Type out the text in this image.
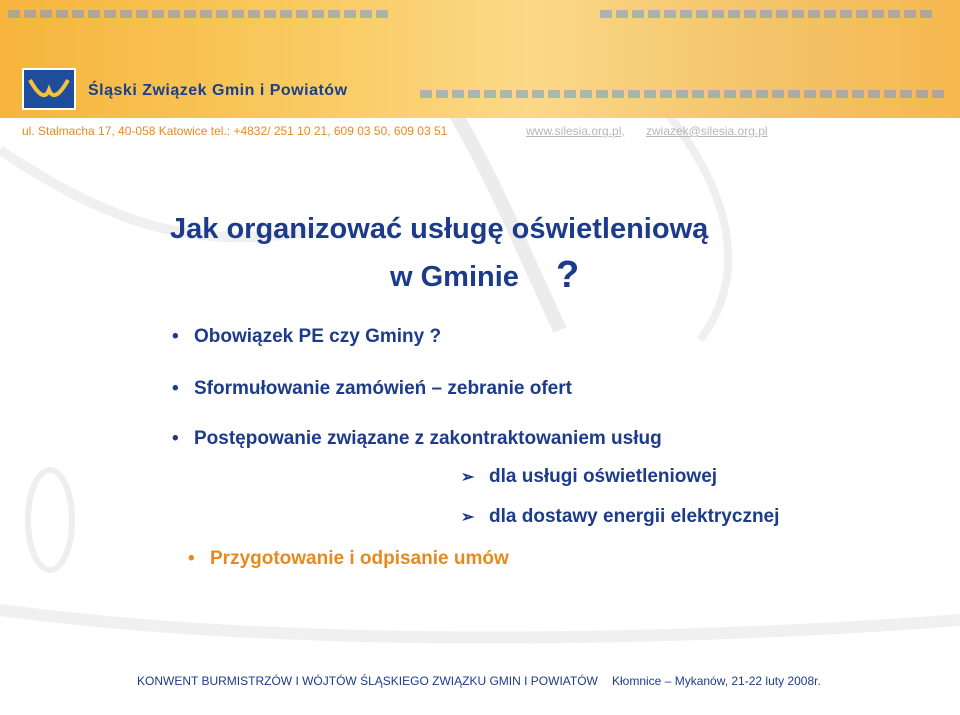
Śląski Związek Gmin i Powiatów
ul. Stalmacha 17, 40-058 Katowice tel.: +4832/ 251 10 21, 609 03 50, 609 03 51	www.silesia.org.pl, zwiazek@silesia.org.pl
Jak organizować usługę oświetleniową
w Gminie ?
• Obowiązek PE czy Gminy ?
• Sformułowanie zamówień – zebranie ofert
• Postępowanie związane z zakontraktowaniem usług
➢ dla usługi oświetleniowej
➢ dla dostawy energii elektrycznej
• Przygotowanie i odpisanie umów
KONWENT BURMISTRZÓW I WÓJTÓW ŚLĄSKIEGO ZWIĄZKU GMIN I POWIATÓW Kłomnice – Mykanów, 21-22 luty 2008r.
